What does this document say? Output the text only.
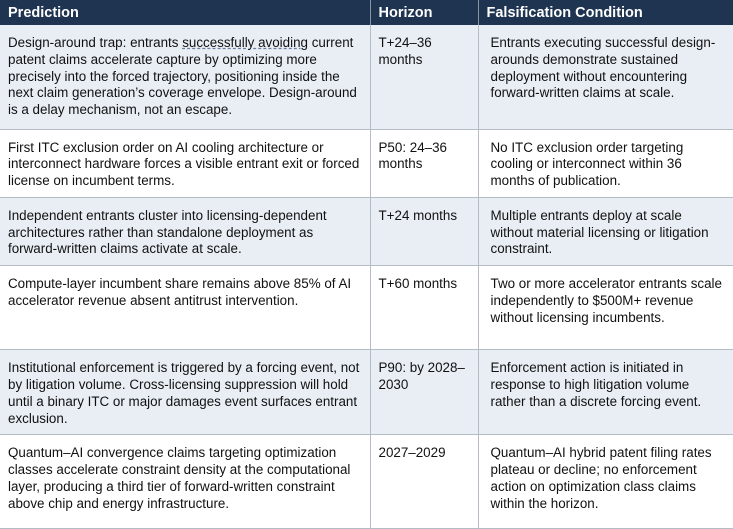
Prediction	Horizon	Falsification Condition
Design-around trap: entrants successfully avoiding current patent claims accelerate capture by optimizing more precisely into the forced trajectory, positioning inside the next claim generation’s coverage envelope. Design-around is a delay mechanism, not an escape.	T+24–36 months	Entrants executing successful design-arounds demonstrate sustained deployment without encountering forward-written claims at scale.
First ITC exclusion order on AI cooling architecture or interconnect hardware forces a visible entrant exit or forced license on incumbent terms.	P50: 24–36 months	No ITC exclusion order targeting cooling or interconnect within 36 months of publication.
Independent entrants cluster into licensing-dependent architectures rather than standalone deployment as forward-written claims activate at scale.	T+24 months	Multiple entrants deploy at scale without material licensing or litigation constraint.
Compute-layer incumbent share remains above 85% of AI accelerator revenue absent antitrust intervention.	T+60 months	Two or more accelerator entrants scale independently to $500M+ revenue without licensing incumbents.
Institutional enforcement is triggered by a forcing event, not by litigation volume. Cross-licensing suppression will hold until a binary ITC or major damages event surfaces entrant exclusion.	P90: by 2028–2030	Enforcement action is initiated in response to high litigation volume rather than a discrete forcing event.
Quantum–AI convergence claims targeting optimization classes accelerate constraint density at the computational layer, producing a third tier of forward-written constraint above chip and energy infrastructure.	2027–2029	Quantum–AI hybrid patent filing rates plateau or decline; no enforcement action on optimization class claims within the horizon.
